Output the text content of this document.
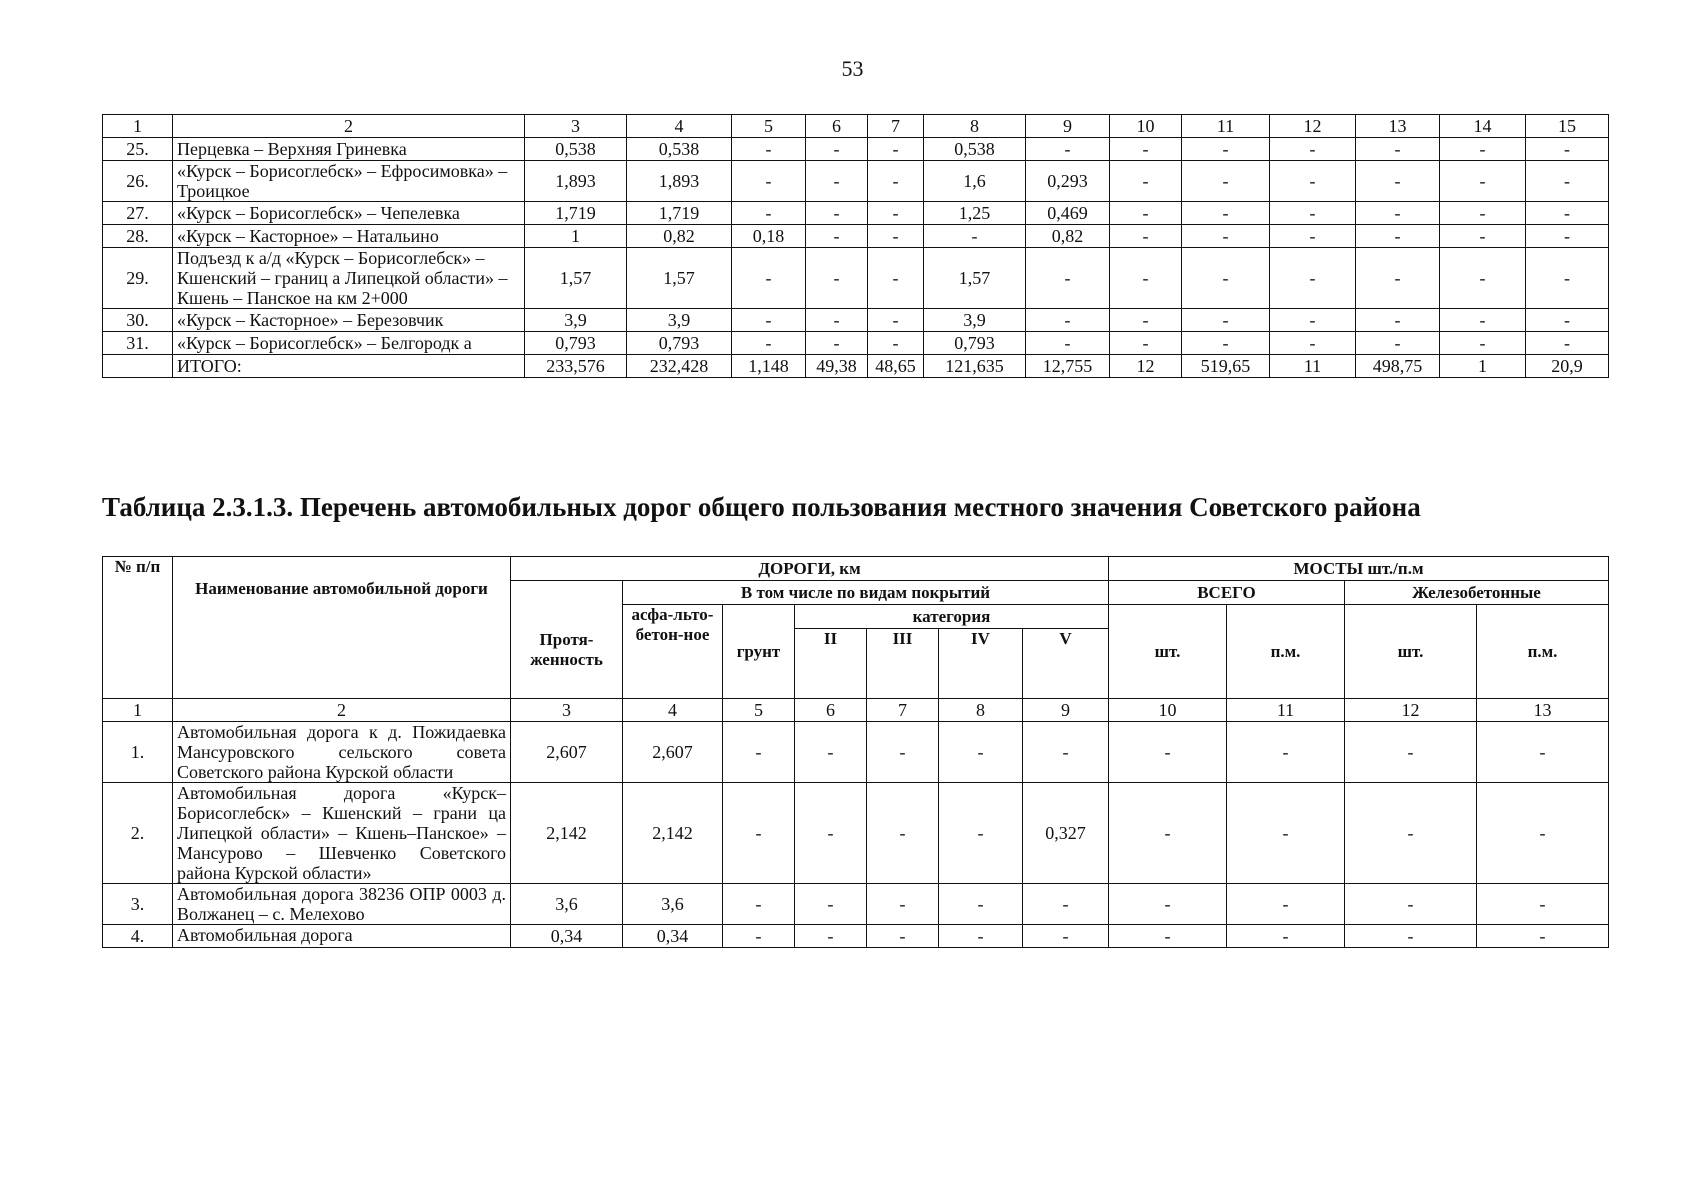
53
1	2	3	4	5	6	7	8	9	10	11	12	13	14	15
25.	Перцевка – Верхняя Гриневка	0,538	0,538	-	-	-	0,538	-	-	-	-	-	-	-
26.	«Курск – Борисоглебск» – Ефросимовка» – Троицкое	1,893	1,893	-	-	-	1,6	0,293	-	-	-	-	-	-
27.	«Курск – Борисоглебск» – Чепелевка	1,719	1,719	-	-	-	1,25	0,469	-	-	-	-	-	-
28.	«Курск – Касторное» – Натальино	1	0,82	0,18	-	-	-	0,82	-	-	-	-	-	-
29.	Подъезд к а/д «Курск – Борисоглебск» – Кшенский – границ а Липецкой области» – Кшень – Панское на км 2+000	1,57	1,57	-	-	-	1,57	-	-	-	-	-	-	-
30.	«Курск – Касторное» – Березовчик	3,9	3,9	-	-	-	3,9	-	-	-	-	-	-	-
31.	«Курск – Борисоглебск» – Белгородк а	0,793	0,793	-	-	-	0,793	-	-	-	-	-	-	-
	ИТОГО:	233,576	232,428	1,148	49,38	48,65	121,635	12,755	12	519,65	11	498,75	1	20,9
Таблица 2.3.1.3. Перечень автомобильных дорог общего пользования местного значения Советского района
№ п/п	Наименование автомобильной дороги	ДОРОГИ, км							МОСТЫ шт./п.м			
		Протя-женность	В том числе по видам покрытий						ВСЕГО		Железобетонные	
			асфа-льто-бетон-ное	грунт	категория				шт.	п.м.	шт.	п.м.
					II	III	IV	V				
1	2	3	4	5	6	7	8	9	10	11	12	13
1.	Автомобильная дорога к д. Пожидаевка Мансуровского сельского совета Советского района Курской области	2,607	2,607	-	-	-	-	-	-	-	-	-
2.	Автомобильная дорога «Курск–Борисоглебск» – Кшенский – грани ца Липецкой области» – Кшень–Панское» – Мансурово – Шевченко Советского района Курской области»	2,142	2,142	-	-	-	-	0,327	-	-	-	-
3.	Автомобильная дорога 38236 ОПР 0003 д. Волжанец – с. Мелехово	3,6	3,6	-	-	-	-	-	-	-	-	-
4.	Автомобильная дорога	0,34	0,34	-	-	-	-	-	-	-	-	-
